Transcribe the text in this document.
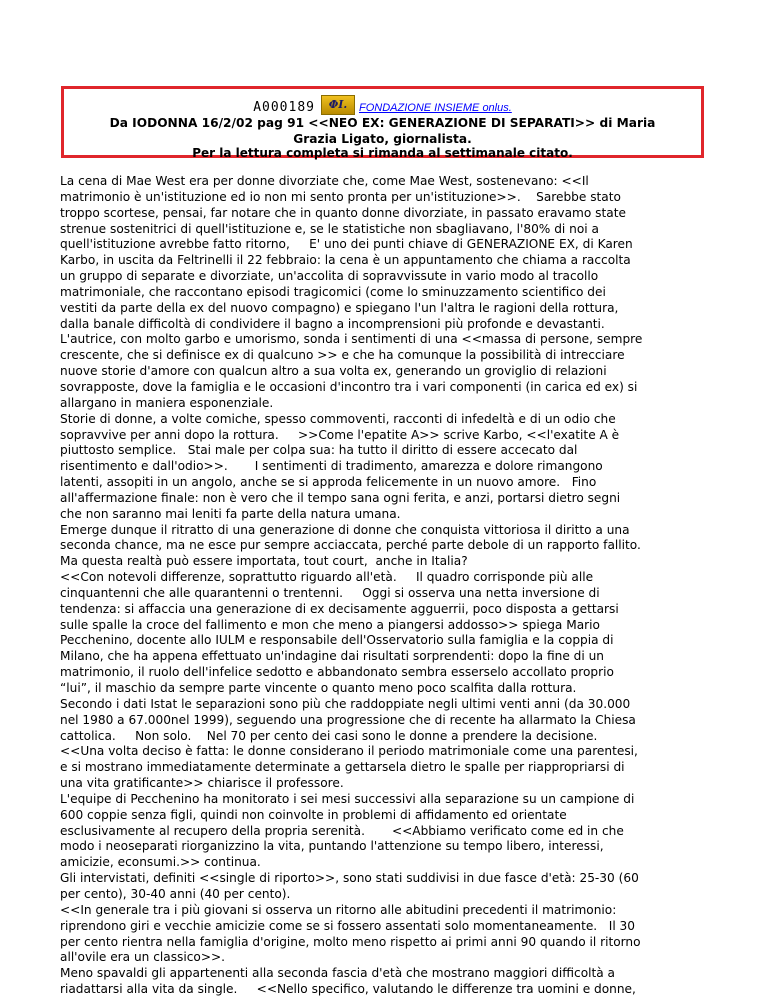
A000189	ΦI.	FONDAZIONE INSIEME onlus.
Da IODONNA 16/2/02 pag 91 <<NEO EX: GENERAZIONE DI SEPARATI>> di Maria
Grazia Ligato, giornalista.
Per la lettura completa si rimanda al settimanale citato.
La cena di Mae West era per donne divorziate che, come Mae West, sostenevano: <<Il
matrimonio è un'istituzione ed io non mi sento pronta per un'istituzione>>.    Sarebbe stato
troppo scortese, pensai, far notare che in quanto donne divorziate, in passato eravamo state
strenue sostenitrici di quell'istituzione e, se le statistiche non sbagliavano, l'80% di noi a
quell'istituzione avrebbe fatto ritorno,     E' uno dei punti chiave di GENERAZIONE EX, di Karen
Karbo, in uscita da Feltrinelli il 22 febbraio: la cena è un appuntamento che chiama a raccolta
un gruppo di separate e divorziate, un'accolita di sopravvissute in vario modo al tracollo
matrimoniale, che raccontano episodi tragicomici (come lo sminuzzamento scientifico dei
vestiti da parte della ex del nuovo compagno) e spiegano l'un l'altra le ragioni della rottura,
dalla banale difficoltà di condividere il bagno a incomprensioni più profonde e devastanti.
L'autrice, con molto garbo e umorismo, sonda i sentimenti di una <<massa di persone, sempre
crescente, che si definisce ex di qualcuno >> e che ha comunque la possibilità di intrecciare
nuove storie d'amore con qualcun altro a sua volta ex, generando un groviglio di relazioni
sovrapposte, dove la famiglia e le occasioni d'incontro tra i vari componenti (in carica ed ex) si
allargano in maniera esponenziale.
Storie di donne, a volte comiche, spesso commoventi, racconti di infedeltà e di un odio che
sopravvive per anni dopo la rottura.     >>Come l'epatite A>> scrive Karbo, <<l'exatite A è
piuttosto semplice.   Stai male per colpa sua: ha tutto il diritto di essere accecato dal
risentimento e dall'odio>>.       I sentimenti di tradimento, amarezza e dolore rimangono
latenti, assopiti in un angolo, anche se si approda felicemente in un nuovo amore.   Fino
all'affermazione finale: non è vero che il tempo sana ogni ferita, e anzi, portarsi dietro segni
che non saranno mai leniti fa parte della natura umana.
Emerge dunque il ritratto di una generazione di donne che conquista vittoriosa il diritto a una
seconda chance, ma ne esce pur sempre acciaccata, perché parte debole di un rapporto fallito.
Ma questa realtà può essere importata, tout court,  anche in Italia?
<<Con notevoli differenze, soprattutto riguardo all'età.     Il quadro corrisponde più alle
cinquantenni che alle quarantenni o trentenni.     Oggi si osserva una netta inversione di
tendenza: si affaccia una generazione di ex decisamente agguerrii, poco disposta a gettarsi
sulle spalle la croce del fallimento e mon che meno a piangersi addosso>> spiega Mario
Pecchenino, docente allo IULM e responsabile dell'Osservatorio sulla famiglia e la coppia di
Milano, che ha appena effettuato un'indagine dai risultati sorprendenti: dopo la fine di un
matrimonio, il ruolo dell'infelice sedotto e abbandonato sembra esserselo accollato proprio
“lui”, il maschio da sempre parte vincente o quanto meno poco scalfita dalla rottura.
Secondo i dati Istat le separazioni sono più che raddoppiate negli ultimi venti anni (da 30.000
nel 1980 a 67.000nel 1999), seguendo una progressione che di recente ha allarmato la Chiesa
cattolica.     Non solo.    Nel 70 per cento dei casi sono le donne a prendere la decisione.
<<Una volta deciso è fatta: le donne considerano il periodo matrimoniale come una parentesi,
e si mostrano immediatamente determinate a gettarsela dietro le spalle per riappropriarsi di
una vita gratificante>> chiarisce il professore.
L'equipe di Pecchenino ha monitorato i sei mesi successivi alla separazione su un campione di
600 coppie senza figli, quindi non coinvolte in problemi di affidamento ed orientate
esclusivamente al recupero della propria serenità.       <<Abbiamo verificato come ed in che
modo i neoseparati riorganizzino la vita, puntando l'attenzione su tempo libero, interessi,
amicizie, econsumi.>> continua.
Gli intervistati, definiti <<single di riporto>>, sono stati suddivisi in due fasce d'età: 25-30 (60
per cento), 30-40 anni (40 per cento).
<<In generale tra i più giovani si osserva un ritorno alle abitudini precedenti il matrimonio:
riprendono giri e vecchie amicizie come se si fossero assentati solo momentaneamente.   Il 30
per cento rientra nella famiglia d'origine, molto meno rispetto ai primi anni 90 quando il ritorno
all'ovile era un classico>>.
Meno spavaldi gli appartenenti alla seconda fascia d'età che mostrano maggiori difficoltà a
riadattarsi alla vita da single.     <<Nello specifico, valutando le differenze tra uomini e donne,
